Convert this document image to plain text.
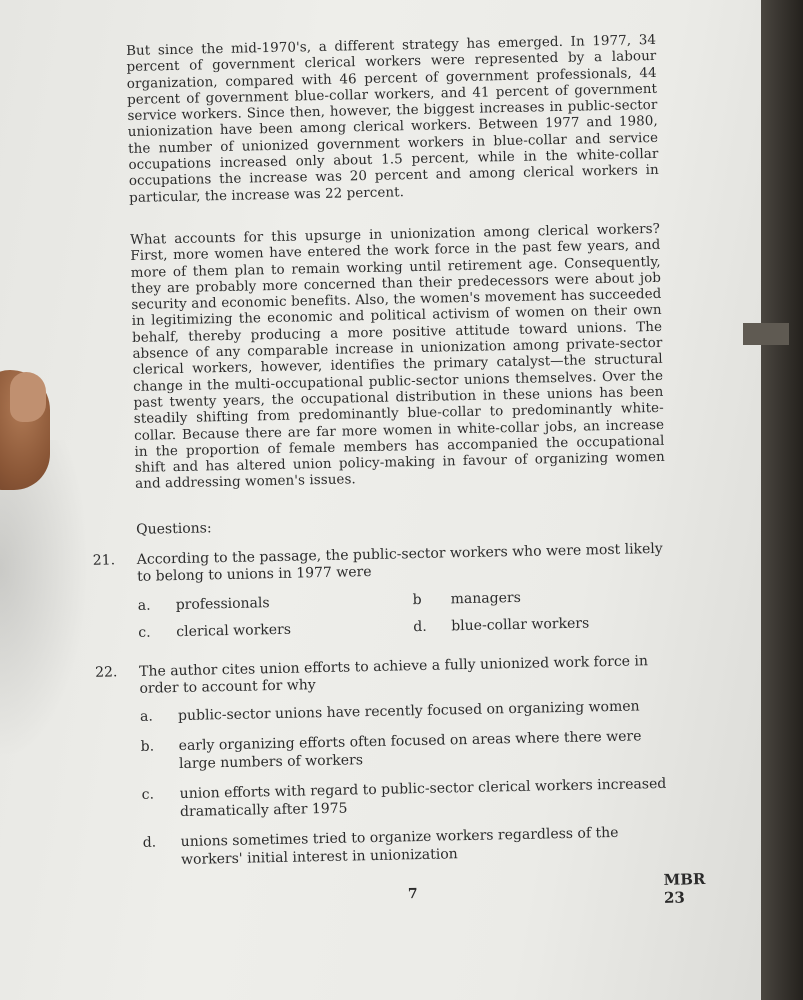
But since the mid-1970's, a different strategy has emerged. In 1977, 34 percent of government clerical workers were represented by a labour organization, compared with 46 percent of government professionals, 44 percent of government blue-collar workers, and 41 percent of government service workers. Since then, however, the biggest increases in public-sector unionization have been among clerical workers. Between 1977 and 1980, the number of unionized government workers in blue-collar and service occupations increased only about 1.5 percent, while in the white-collar occupations the increase was 20 percent and among clerical workers in particular, the increase was 22 percent.

What accounts for this upsurge in unionization among clerical workers? First, more women have entered the work force in the past few years, and more of them plan to remain working until retirement age. Consequently, they are probably more concerned than their predecessors were about job security and economic benefits. Also, the women's movement has succeeded in legitimizing the economic and political activism of women on their own behalf, thereby producing a more positive attitude toward unions. The absence of any comparable increase in unionization among private-sector clerical workers, however, identifies the primary catalyst—the structural change in the multi-occupational public-sector unions themselves. Over the past twenty years, the occupational distribution in these unions has been steadily shifting from predominantly blue-collar to predominantly white-collar. Because there are far more women in white-collar jobs, an increase in the proportion of female members has accompanied the occupational shift and has altered union policy-making in favour of organizing women and addressing women's issues.

Questions:
21. According to the passage, the public-sector workers who were most likely to belong to unions in 1977 were
a.	professionals	b	managers
c.	clerical workers	d.	blue-collar workers
22. The author cites union efforts to achieve a fully unionized work force in order to account for why
a.	public-sector unions have recently focused on organizing women
b.	early organizing efforts often focused on areas where there were large numbers of workers
c.	union efforts with regard to public-sector clerical workers increased dramatically after 1975
d.	unions sometimes tried to organize workers regardless of the workers' initial interest in unionization
7
MBR 23
